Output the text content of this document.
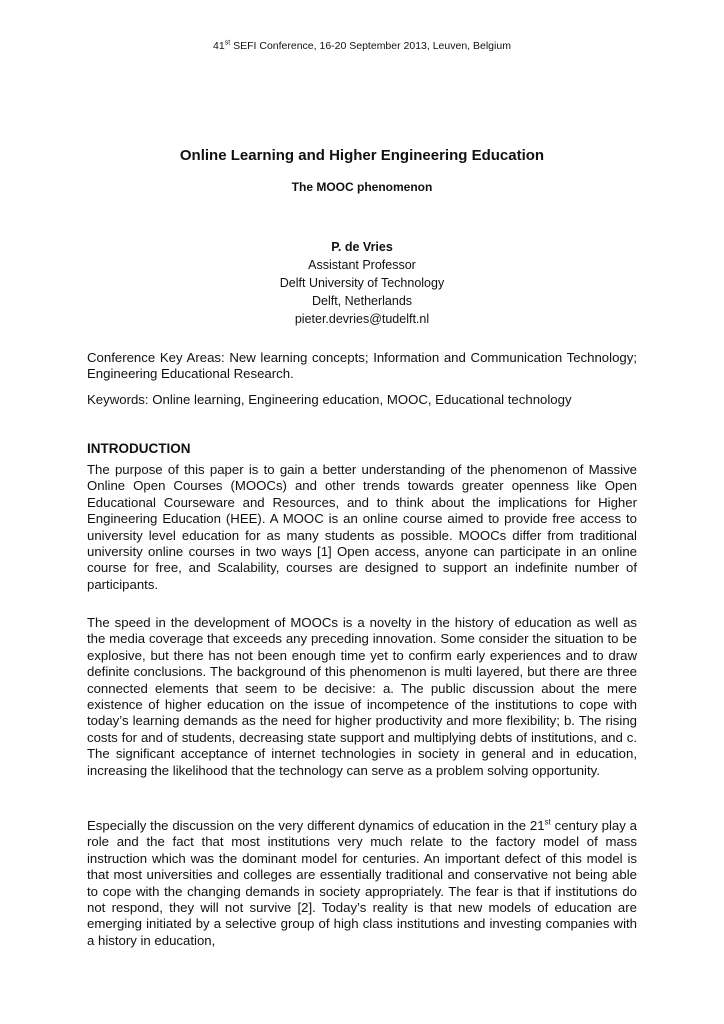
41st SEFI Conference, 16-20 September 2013, Leuven, Belgium
Online Learning and Higher Engineering Education
The MOOC phenomenon
P. de Vries
Assistant Professor
Delft University of Technology
Delft, Netherlands
pieter.devries@tudelft.nl
Conference Key Areas: New learning concepts; Information and Communication Technology; Engineering Educational Research.
Keywords: Online learning, Engineering education, MOOC, Educational technology
INTRODUCTION

The purpose of this paper is to gain a better understanding of the phenomenon of Massive Online Open Courses (MOOCs) and other trends towards greater openness like Open Educational Courseware and Resources, and to think about the implications for Higher Engineering Education (HEE). A MOOC is an online course aimed to provide free access to university level education for as many students as possible. MOOCs differ from traditional university online courses in two ways [1] Open access, anyone can participate in an online course for free, and Scalability, courses are designed to support an indefinite number of participants.

The speed in the development of MOOCs is a novelty in the history of education as well as the media coverage that exceeds any preceding innovation. Some consider the situation to be explosive, but there has not been enough time yet to confirm early experiences and to draw definite conclusions. The background of this phenomenon is multi layered, but there are three connected elements that seem to be decisive: a. The public discussion about the mere existence of higher education on the issue of incompetence of the institutions to cope with today’s learning demands as the need for higher productivity and more flexibility; b. The rising costs for and of students, decreasing state support and multiplying debts of institutions, and c. The significant acceptance of internet technologies in society in general and in education, increasing the likelihood that the technology can serve as a problem solving opportunity.

Especially the discussion on the very different dynamics of education in the 21st century play a role and the fact that most institutions very much relate to the factory model of mass instruction which was the dominant model for centuries. An important defect of this model is that most universities and colleges are essentially traditional and conservative not being able to cope with the changing demands in society appropriately. The fear is that if institutions do not respond, they will not survive [2]. Today’s reality is that new models of education are emerging initiated by a selective group of high class institutions and investing companies with a history in education,
